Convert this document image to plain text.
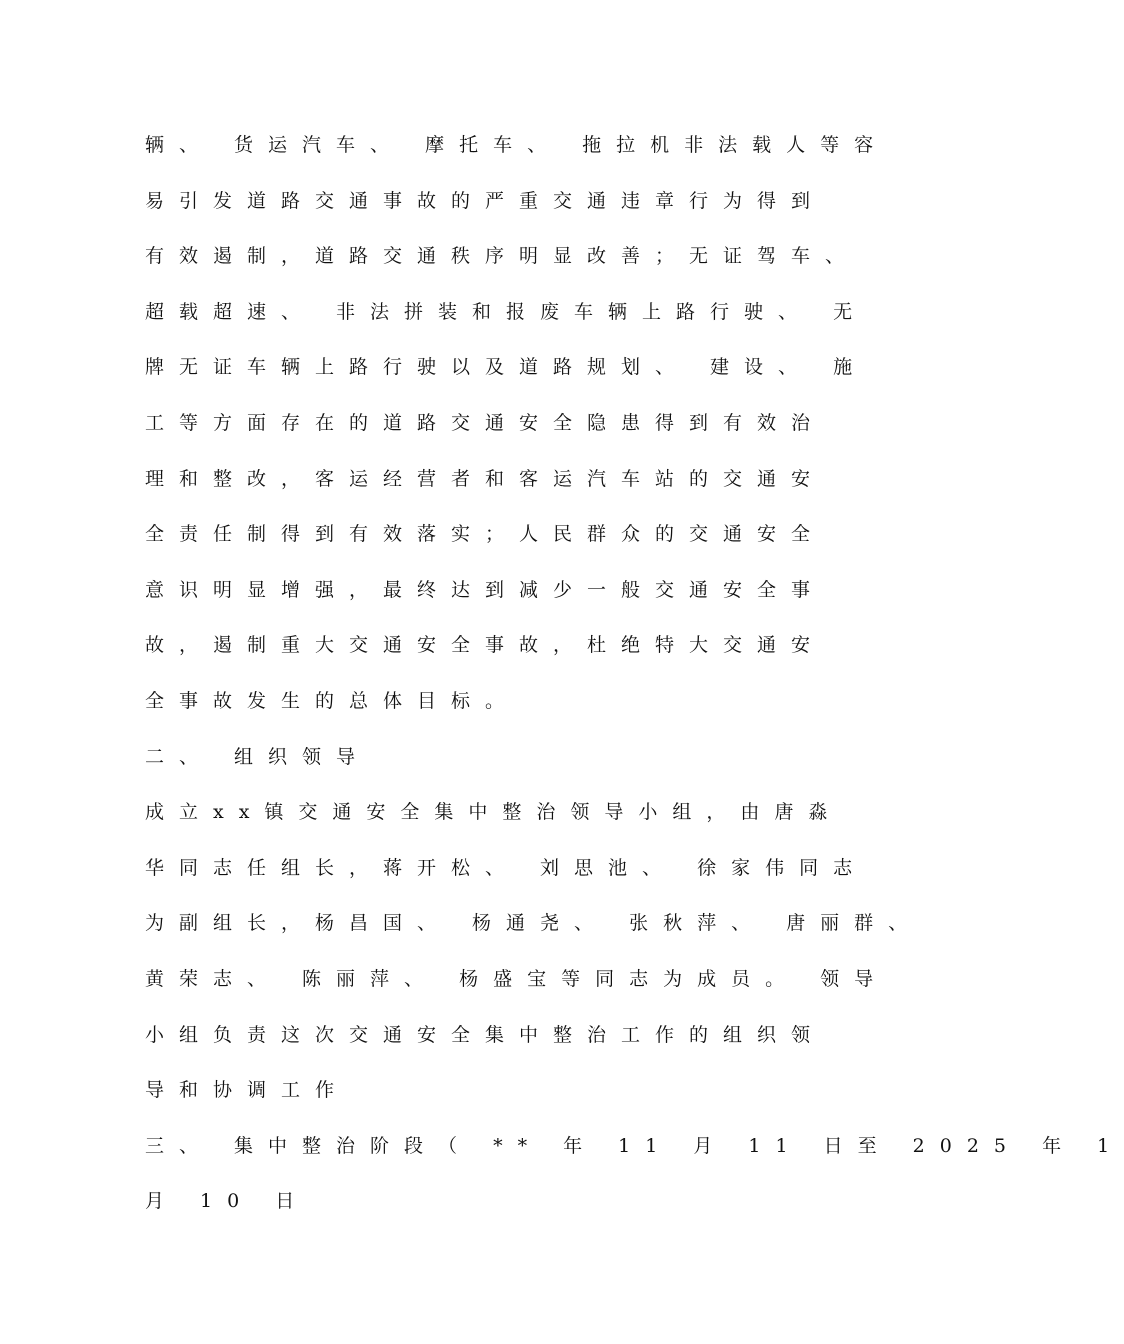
辆、 货运汽车、 摩托车、 拖拉机非法载人等容
易引发道路交通事故的严重交通违章行为得到
有效遏制，道路交通秩序明显改善；无证驾车、
超载超速、 非法拼装和报废车辆上路行驶、 无
牌无证车辆上路行驶以及道路规划、 建设、 施
工等方面存在的道路交通安全隐患得到有效治
理和整改，客运经营者和客运汽车站的交通安
全责任制得到有效落实；人民群众的交通安全
意识明显增强，最终达到减少一般交通安全事
故，遏制重大交通安全事故，杜绝特大交通安
全事故发生的总体目标。
二、 组织领导
成立xx镇交通安全集中整治领导小组，由唐淼
华同志任组长，蒋开松、 刘思池、 徐家伟同志
为副组长，杨昌国、 杨通尧、 张秋萍、 唐丽群、
黄荣志、 陈丽萍、 杨盛宝等同志为成员。 领导
小组负责这次交通安全集中整治工作的组织领
导和协调工作
三、 集中整治阶段（ ** 年 11 月 11 日至 2025 年 1
月 10 日
